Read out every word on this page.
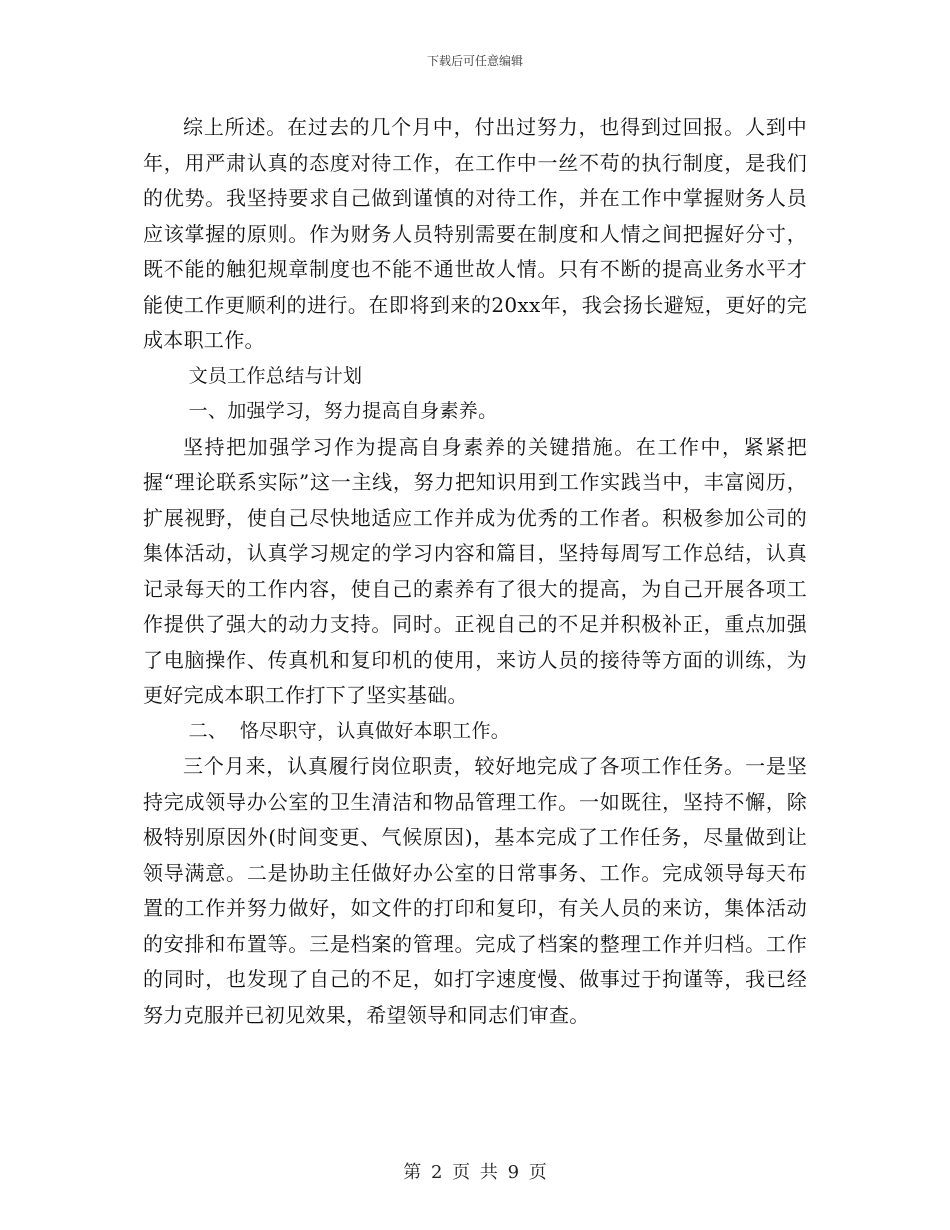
下载后可任意编辑

综上所述。在过去的几个月中，付出过努力，也得到过回报。人到中年，用严肃认真的态度对待工作，在工作中一丝不苟的执行制度，是我们的优势。我坚持要求自己做到谨慎的对待工作，并在工作中掌握财务人员应该掌握的原则。作为财务人员特别需要在制度和人情之间把握好分寸，既不能的触犯规章制度也不能不通世故人情。只有不断的提高业务水平才能使工作更顺利的进行。在即将到来的20xx年，我会扬长避短，更好的完成本职工作。

文员工作总结与计划

一、加强学习，努力提高自身素养。

坚持把加强学习作为提高自身素养的关键措施。在工作中，紧紧把握“理论联系实际”这一主线，努力把知识用到工作实践当中，丰富阅历，扩展视野，使自己尽快地适应工作并成为优秀的工作者。积极参加公司的集体活动，认真学习规定的学习内容和篇目，坚持每周写工作总结，认真记录每天的工作内容，使自己的素养有了很大的提高，为自己开展各项工作提供了强大的动力支持。同时。正视自己的不足并积极补正，重点加强了电脑操作、传真机和复印机的使用，来访人员的接待等方面的训练，为更好完成本职工作打下了坚实基础。

二、  恪尽职守，认真做好本职工作。

三个月来，认真履行岗位职责，较好地完成了各项工作任务。一是坚持完成领导办公室的卫生清洁和物品管理工作。一如既往，坚持不懈，除极特别原因外(时间变更、气候原因)，基本完成了工作任务，尽量做到让领导满意。二是协助主任做好办公室的日常事务、工作。完成领导每天布置的工作并努力做好，如文件的打印和复印，有关人员的来访，集体活动的安排和布置等。三是档案的管理。完成了档案的整理工作并归档。工作的同时，也发现了自己的不足，如打字速度慢、做事过于拘谨等，我已经努力克服并已初见效果，希望领导和同志们审查。

第 2 页 共 9 页
